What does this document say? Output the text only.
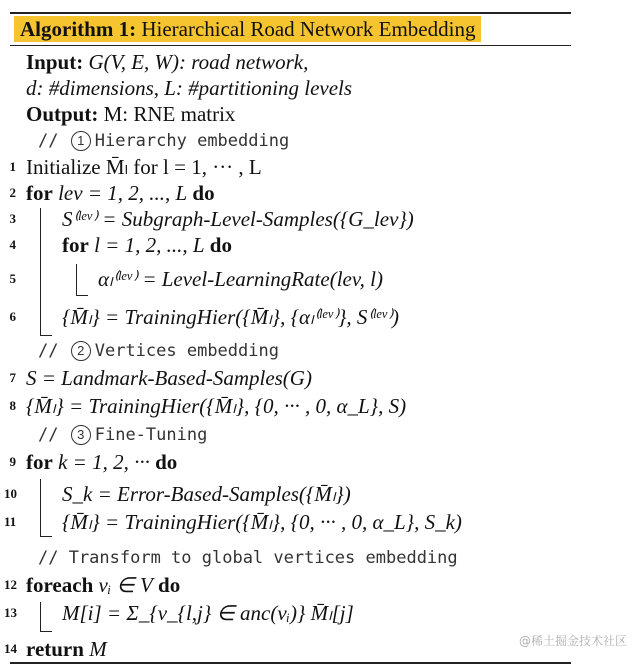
Algorithm 1: Hierarchical Road Network Embedding
Input: G(V, E, W): road network,
d: #dimensions, L: #partitioning levels
Output: M: RNE matrix
// 1 Hierarchy embedding
1 Initialize M̄ₗ for l = 1, ··· , L
2 for lev = 1, 2, ..., L do
3 S⁽ˡᵉᵛ⁾ = Subgraph-Level-Samples({G_lev})
4 for l = 1, 2, ..., L do
5	αₗ⁽ˡᵉᵛ⁾ = Level-LearningRate(lev, l)
6 {M̄ₗ} = TrainingHier({M̄ₗ}, {αₗ⁽ˡᵉᵛ⁾}, S⁽ˡᵉᵛ⁾)
// 2 Vertices embedding
7 S = Landmark-Based-Samples(G)
8 {M̄ₗ} = TrainingHier({M̄ₗ}, {0, ··· , 0, α_L}, S)
// 3 Fine-Tuning
9 for k = 1, 2, ··· do
10 S_k = Error-Based-Samples({M̄ₗ})
11 {M̄ₗ} = TrainingHier({M̄ₗ}, {0, ··· , 0, α_L}, S_k)
// Transform to global vertices embedding
12 foreach vᵢ ∈ V do
13 M[i] = Σ_{v_{l,j} ∈ anc(vᵢ)} M̄ₗ[j]
14 return M	@稀土掘金技术社区
